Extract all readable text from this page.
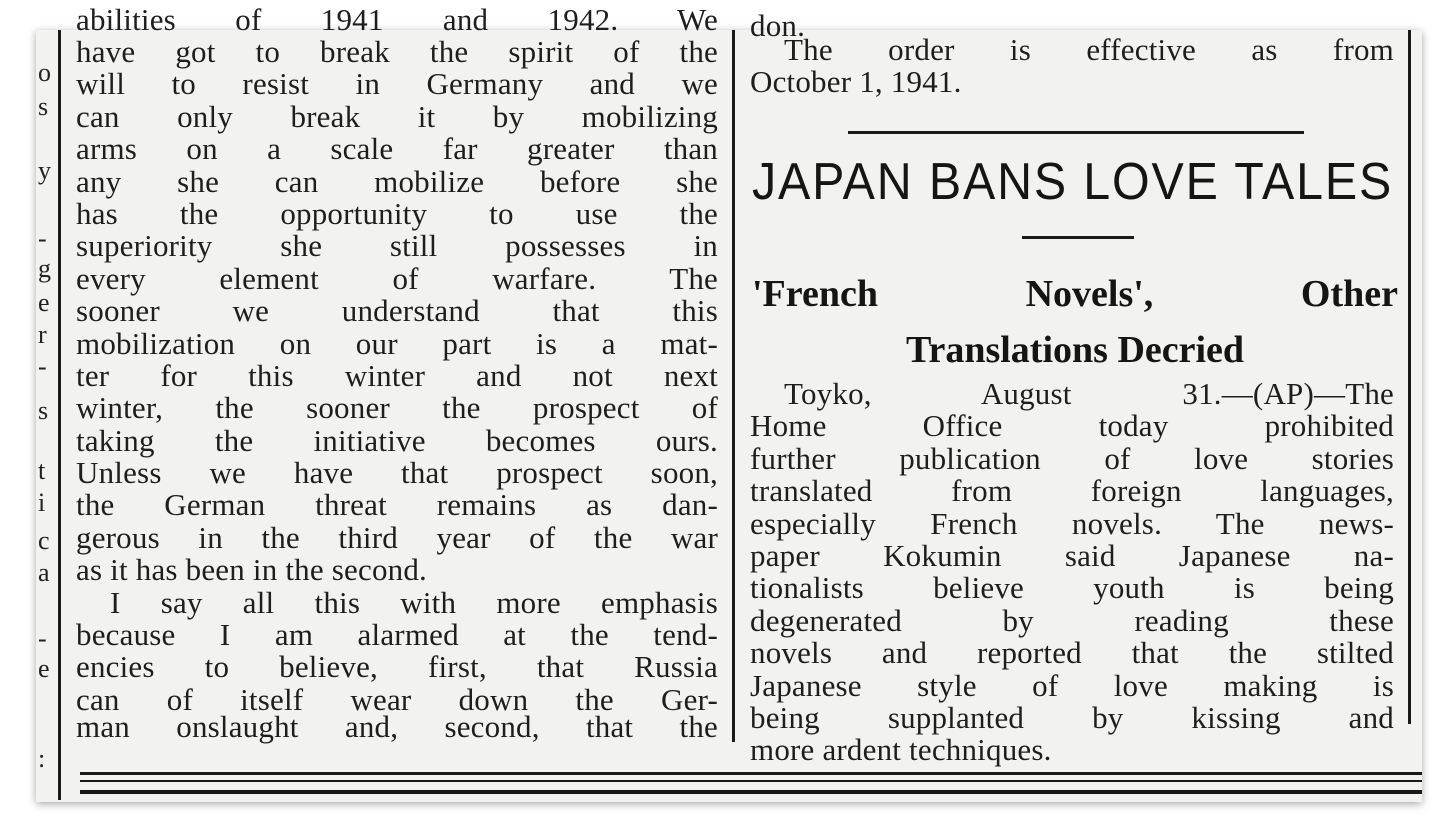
o
s
y
-
g
e
r
-
s
t
i
c
a
-
e
:
abilities of 1941 and 1942. We
have got to break the spirit of the
will to resist in Germany and we
can only break it by mobilizing
arms on a scale far greater than
any she can mobilize before she
has the opportunity to use the
superiority she still possesses in
every element of warfare. The
sooner we understand that this
mobilization on our part is a mat-
ter for this winter and not next
winter, the sooner the prospect of
taking the initiative becomes ours.
Unless we have that prospect soon,
the German threat remains as dan-
gerous in the third year of the war
as it has been in the second.
I say all this with more emphasis
because I am alarmed at the tend-
encies to believe, first, that Russia
can of itself wear down the Ger-
man onslaught and, second, that the
don.
The order is effective as from
October 1, 1941.
JAPAN BANS LOVE TALES
'French Novels', Other
Translations Decried
Toyko, August 31.—(AP)—The
Home Office today prohibited
further publication of love stories
translated from foreign languages,
especially French novels. The news-
paper Kokumin said Japanese na-
tionalists believe youth is being
degenerated by reading these
novels and reported that the stilted
Japanese style of love making is
being supplanted by kissing and
more ardent techniques.
